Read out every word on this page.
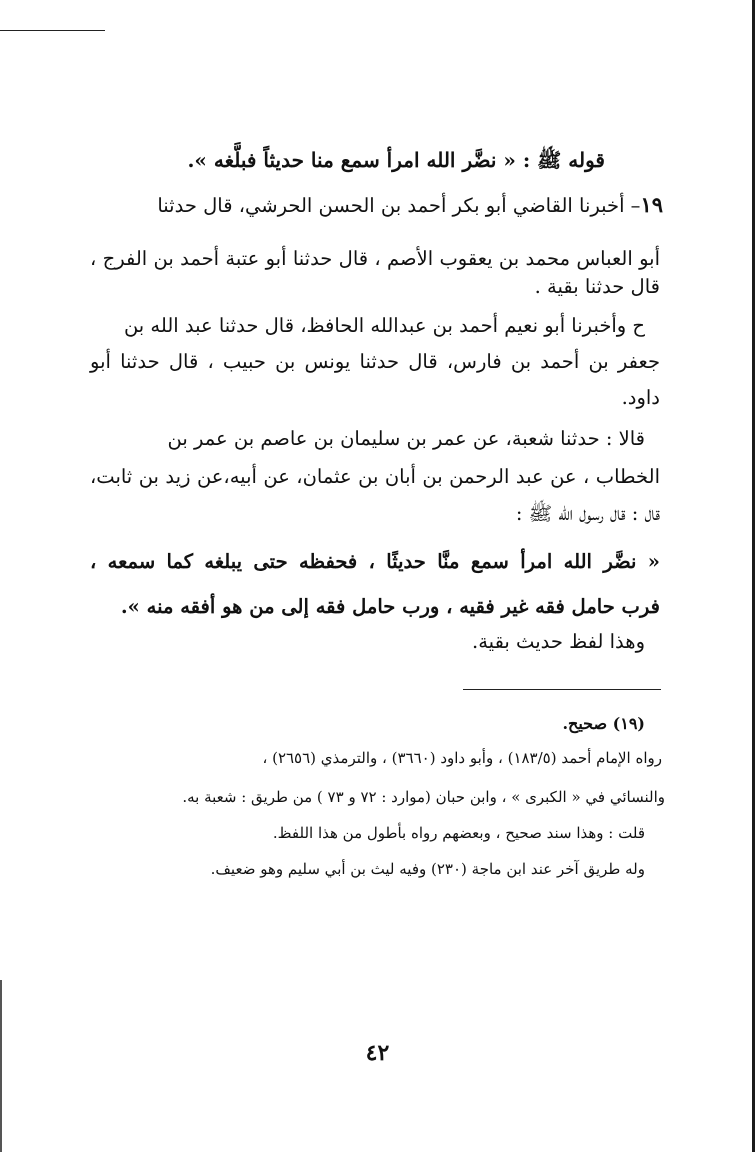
قوله ﷺ : « نضَّر الله امرأ سمع منا حديثاً فبلَّغه ».
١٩– أخبرنا القاضي أبو بكر أحمد بن الحسن الحرشي، قال حدثنا
أبو العباس محمد بن يعقوب الأصم ، قال حدثنا أبو عتبة أحمد بن الفرج ،
قال حدثنا بقية .
ح وأخبرنا أبو نعيم أحمد بن عبدالله الحافظ، قال حدثنا عبد الله بن
جعفر بن أحمد بن فارس، قال حدثنا يونس بن حبيب ، قال حدثنا أبو
داود.
قالا : حدثنا شعبة، عن عمر بن سليمان بن عاصم بن عمر بن
الخطاب ، عن عبد الرحمن بن أبان بن عثمان، عن أبيه،عن زيد بن ثابت،
قال : قال رسول الله ﷺ :
« نضَّر الله امرأ سمع منَّا حديثًا ، فحفظه حتى يبلغه كما سمعه ،
فرب حامل فقه غير فقيه ، ورب حامل فقه إلى من هو أفقه منه ».
وهذا لفظ حديث بقية.
(١٩) صحيح.
رواه الإمام أحمد (١٨٣/٥) ، وأبو داود (٣٦٦٠) ، والترمذي (٢٦٥٦) ،
والنسائي في « الكبرى » ، وابن حبان (موارد : ٧٢ و ٧٣ ) من طريق : شعبة به.
قلت : وهذا سند صحيح ، وبعضهم رواه بأطول من هذا اللفظ.
وله طريق آخر عند ابن ماجة (٢٣٠) وفيه ليث بن أبي سليم وهو ضعيف.
٤٢
